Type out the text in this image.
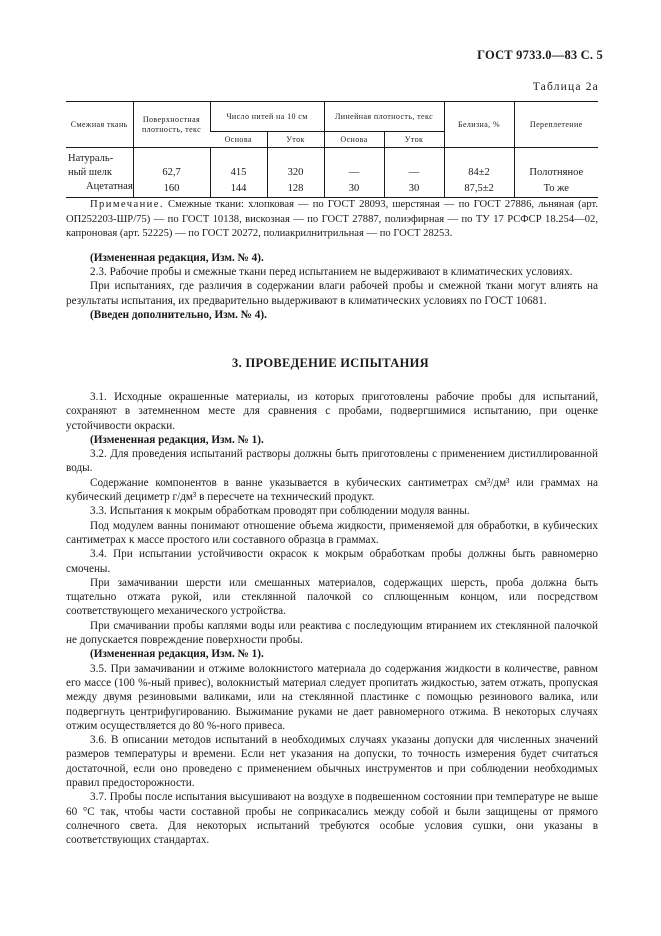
ГОСТ 9733.0—83 С. 5
Таблица 2а
Смежная ткань	Поверхностная плотность, текс	Число нитей на 10 см		Линейная плотность, текс		Белизна, %	Переплетение
		Основа	Уток	Основа	Уток		
Натураль-ный шелк	62,7	415	320	—	—	84±2	Полотняное
Ацетатная	160	144	128	30	30	87,5±2	То же

Примечание. Смежные ткани: хлопковая — по ГОСТ 28093, шерстяная — по ГОСТ 27886, льняная (арт. ОП252203-ШР/75) — по ГОСТ 10138, вискозная — по ГОСТ 27887, полиэфирная — по ТУ 17 РСФСР 18.254—02, капроновая (арт. 52225) — по ГОСТ 20272, полиакрилнитрильная — по ГОСТ 28253.

(Измененная редакция, Изм. № 4).

2.3. Рабочие пробы и смежные ткани перед испытанием не выдерживают в климатических условиях.

При испытаниях, где различия в содержании влаги рабочей пробы и смежной ткани могут влиять на результаты испытания, их предварительно выдерживают в климатических условиях по ГОСТ 10681.

(Введен дополнительно, Изм. № 4).

3. ПРОВЕДЕНИЕ ИСПЫТАНИЯ

3.1. Исходные окрашенные материалы, из которых приготовлены рабочие пробы для испытаний, сохраняют в затемненном месте для сравнения с пробами, подвергшимися испытанию, при оценке устойчивости окраски.

(Измененная редакция, Изм. № 1).

3.2. Для проведения испытаний растворы должны быть приготовлены с применением дистиллированной воды.

Содержание компонентов в ванне указывается в кубических сантиметрах см³/дм³ или граммах на кубический дециметр г/дм³ в пересчете на технический продукт.

3.3. Испытания к мокрым обработкам проводят при соблюдении модуля ванны.

Под модулем ванны понимают отношение объема жидкости, применяемой для обработки, в кубических сантиметрах к массе простого или составного образца в граммах.

3.4. При испытании устойчивости окрасок к мокрым обработкам пробы должны быть равномерно смочены.

При замачивании шерсти или смешанных материалов, содержащих шерсть, проба должна быть тщательно отжата рукой, или стеклянной палочкой со сплющенным концом, или посредством соответствующего механического устройства.

При смачивании пробы каплями воды или реактива с последующим втиранием их стеклянной палочкой не допускается повреждение поверхности пробы.

(Измененная редакция, Изм. № 1).

3.5. При замачивании и отжиме волокнистого материала до содержания жидкости в количестве, равном его массе (100 %-ный привес), волокнистый материал следует пропитать жидкостью, затем отжать, пропуская между двумя резиновыми валиками, или на стеклянной пластинке с помощью резинового валика, или подвергнуть центрифугированию. Выжимание руками не дает равномерного отжима. В некоторых случаях отжим осуществляется до 80 %-ного привеса.

3.6. В описании методов испытаний в необходимых случаях указаны допуски для численных значений размеров температуры и времени. Если нет указания на допуски, то точность измерения будет считаться достаточной, если оно проведено с применением обычных инструментов и при соблюдении необходимых правил предосторожности.

3.7. Пробы после испытания высушивают на воздухе в подвешенном состоянии при температуре не выше 60 °С так, чтобы части составной пробы не соприкасались между собой и были защищены от прямого солнечного света. Для некоторых испытаний требуются особые условия сушки, они указаны в соответствующих стандартах.
